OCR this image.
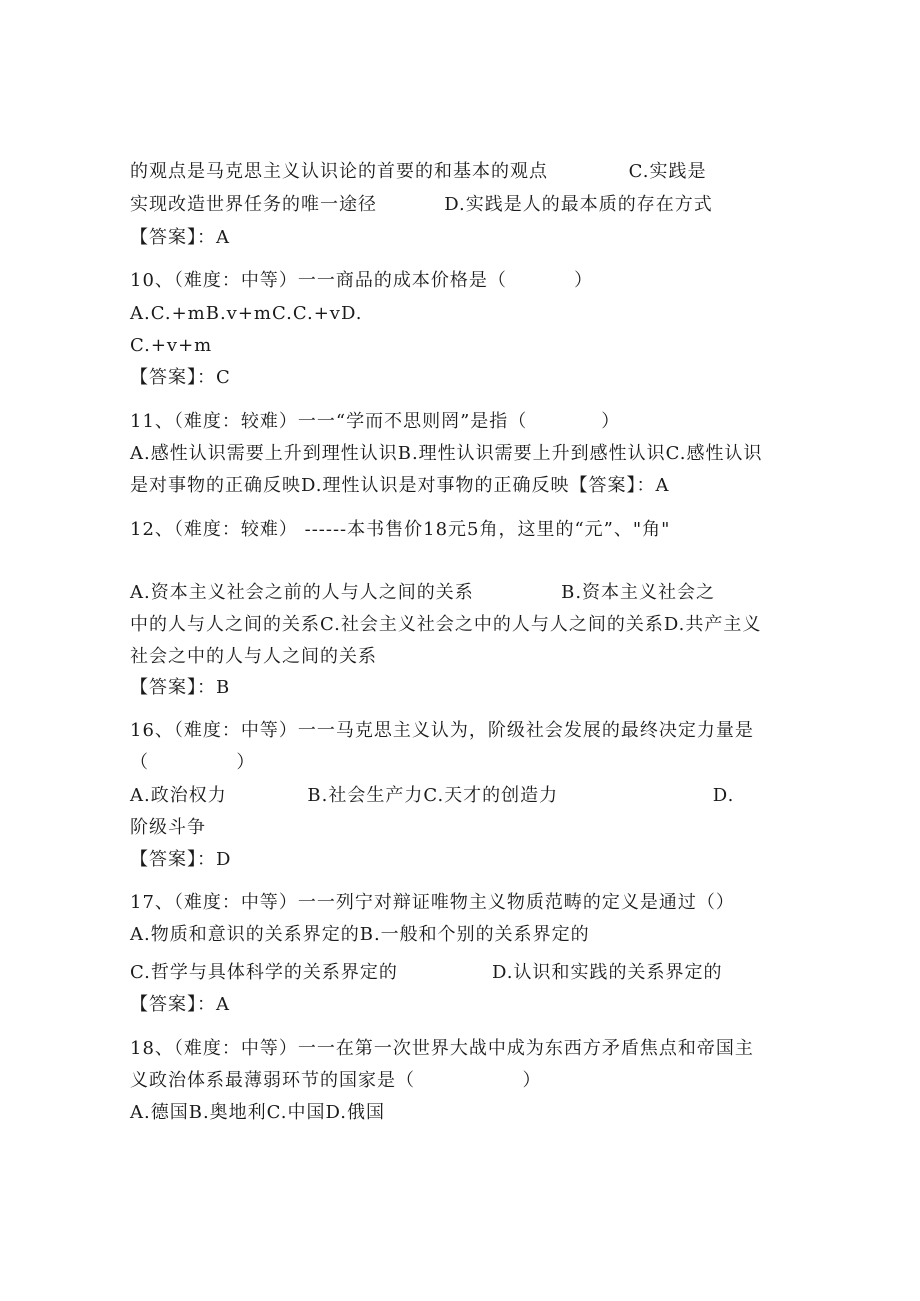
的观点是马克思主义认识论的首要的和基本的观点            C.实践是
实现改造世界任务的唯一途径          D.实践是人的最本质的存在方式
【答案】：A
10、（难度：中等）一一商品的成本价格是（          ）
A.C.+mB.v+mC.C.+vD.
C.+v+m
【答案】：C
11、（难度：较难）一一“学而不思则罔”是指（           ）
A.感性认识需要上升到理性认识B.理性认识需要上升到感性认识C.感性认识
是对事物的正确反映D.理性认识是对事物的正确反映【答案】：A
12、（难度：较难） ------本书售价18元5角，这里的“元”、"角"
A.资本主义社会之前的人与人之间的关系             B.资本主义社会之
中的人与人之间的关系C.社会主义社会之中的人与人之间的关系D.共产主义
社会之中的人与人之间的关系
【答案】：B
16、（难度：中等）一一马克思主义认为，阶级社会发展的最终决定力量是
（             ）
A.政治权力            B.社会生产力C.天才的创造力                       D.
阶级斗争
【答案】：D
17、（难度：中等）一一列宁对辩证唯物主义物质范畴的定义是通过（）
A.物质和意识的关系界定的B.一般和个别的关系界定的
C.哲学与具体科学的关系界定的              D.认识和实践的关系界定的
【答案】：A
18、（难度：中等）一一在第一次世界大战中成为东西方矛盾焦点和帝国主
义政治体系最薄弱环节的国家是（                ）
A.德国B.奥地利C.中国D.俄国
